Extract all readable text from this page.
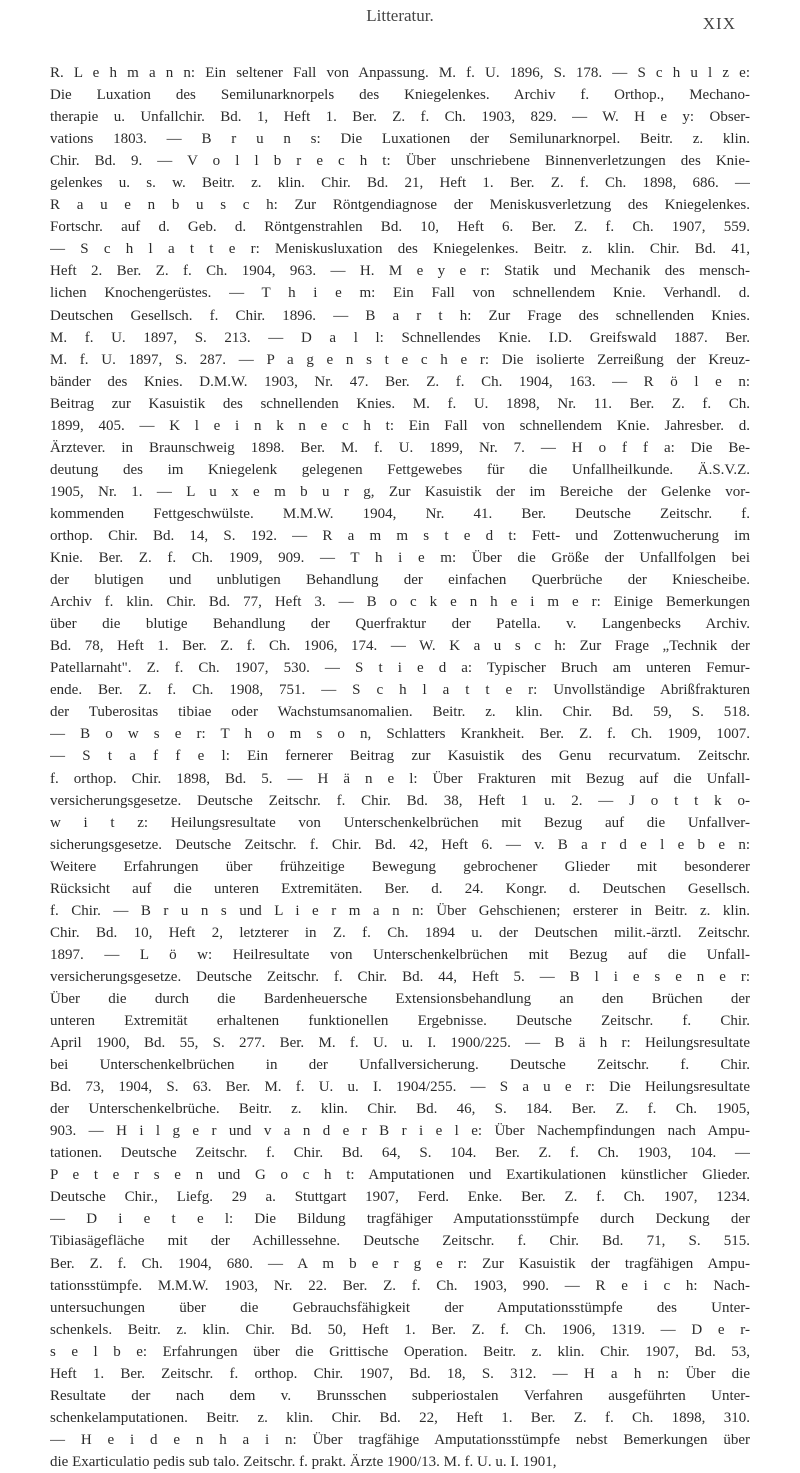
Litteratur.	XIX
R. L e h m a n n: Ein seltener Fall von Anpassung. M. f. U. 1896, S. 178. — S c h u l z e:
Die Luxation des Semilunarknorpels des Kniegelenkes. Archiv f. Orthop., Mechano-
therapie u. Unfallchir. Bd. 1, Heft 1. Ber. Z. f. Ch. 1903, 829. — W. H e y: Obser-
vations 1803. — B r u n s: Die Luxationen der Semilunarknorpel. Beitr. z. klin.
Chir. Bd. 9. — V o l l b r e c h t: Über unschriebene Binnenverletzungen des Knie-
gelenkes u. s. w. Beitr. z. klin. Chir. Bd. 21, Heft 1. Ber. Z. f. Ch. 1898, 686. —
R a u e n b u s c h: Zur Röntgendiagnose der Meniskusverletzung des Kniegelenkes.
Fortschr. auf d. Geb. d. Röntgenstrahlen Bd. 10, Heft 6. Ber. Z. f. Ch. 1907, 559.
— S c h l a t t e r: Meniskusluxation des Kniegelenkes. Beitr. z. klin. Chir. Bd. 41,
Heft 2. Ber. Z. f. Ch. 1904, 963. — H. M e y e r: Statik und Mechanik des mensch-
lichen Knochengerüstes. — T h i e m: Ein Fall von schnellendem Knie. Verhandl. d.
Deutschen Gesellsch. f. Chir. 1896. — B a r t h: Zur Frage des schnellenden Knies.
M. f. U. 1897, S. 213. — D a l l: Schnellendes Knie. I.D. Greifswald 1887. Ber.
M. f. U. 1897, S. 287. — P a g e n s t e c h e r: Die isolierte Zerreißung der Kreuz-
bänder des Knies. D.M.W. 1903, Nr. 47. Ber. Z. f. Ch. 1904, 163. — R ö l e n:
Beitrag zur Kasuistik des schnellenden Knies. M. f. U. 1898, Nr. 11. Ber. Z. f. Ch.
1899, 405. — K l e i n k n e c h t: Ein Fall von schnellendem Knie. Jahresber. d.
Ärztever. in Braunschweig 1898. Ber. M. f. U. 1899, Nr. 7. — H o f f a: Die Be-
deutung des im Kniegelenk gelegenen Fettgewebes für die Unfallheilkunde. Ä.S.V.Z.
1905, Nr. 1. — L u x e m b u r g, Zur Kasuistik der im Bereiche der Gelenke vor-
kommenden Fettgeschwülste. M.M.W. 1904, Nr. 41. Ber. Deutsche Zeitschr. f.
orthop. Chir. Bd. 14, S. 192. — R a m m s t e d t: Fett- und Zottenwucherung im
Knie. Ber. Z. f. Ch. 1909, 909. — T h i e m: Über die Größe der Unfallfolgen bei
der blutigen und unblutigen Behandlung der einfachen Querbrüche der Kniescheibe.
Archiv f. klin. Chir. Bd. 77, Heft 3. — B o c k e n h e i m e r: Einige Bemerkungen
über die blutige Behandlung der Querfraktur der Patella. v. Langenbecks Archiv.
Bd. 78, Heft 1. Ber. Z. f. Ch. 1906, 174. — W. K a u s c h: Zur Frage „Technik der
Patellarnaht". Z. f. Ch. 1907, 530. — S t i e d a: Typischer Bruch am unteren Femur-
ende. Ber. Z. f. Ch. 1908, 751. — S c h l a t t e r: Unvollständige Abrißfrakturen
der Tuberositas tibiae oder Wachstumsanomalien. Beitr. z. klin. Chir. Bd. 59, S. 518.
— B o w s e r: T h o m s o n, Schlatters Krankheit. Ber. Z. f. Ch. 1909, 1007.
— S t a f f e l: Ein fernerer Beitrag zur Kasuistik des Genu recurvatum. Zeitschr.
f. orthop. Chir. 1898, Bd. 5. — H ä n e l: Über Frakturen mit Bezug auf die Unfall-
versicherungsgesetze. Deutsche Zeitschr. f. Chir. Bd. 38, Heft 1 u. 2. — J o t t k o-
w i t z: Heilungsresultate von Unterschenkelbrüchen mit Bezug auf die Unfallver-
sicherungsgesetze. Deutsche Zeitschr. f. Chir. Bd. 42, Heft 6. — v. B a r d e l e b e n:
Weitere Erfahrungen über frühzeitige Bewegung gebrochener Glieder mit besonderer
Rücksicht auf die unteren Extremitäten. Ber. d. 24. Kongr. d. Deutschen Gesellsch.
f. Chir. — B r u n s und L i e r m a n n: Über Gehschienen; ersterer in Beitr. z. klin.
Chir. Bd. 10, Heft 2, letzterer in Z. f. Ch. 1894 u. der Deutschen milit.-ärztl. Zeitschr.
1897. — L ö w: Heilresultate von Unterschenkelbrüchen mit Bezug auf die Unfall-
versicherungsgesetze. Deutsche Zeitschr. f. Chir. Bd. 44, Heft 5. — B l i e s e n e r:
Über die durch die Bardenheuersche Extensionsbehandlung an den Brüchen der
unteren Extremität erhaltenen funktionellen Ergebnisse. Deutsche Zeitschr. f. Chir.
April 1900, Bd. 55, S. 277. Ber. M. f. U. u. I. 1900/225. — B ä h r: Heilungsresultate
bei Unterschenkelbrüchen in der Unfallversicherung. Deutsche Zeitschr. f. Chir.
Bd. 73, 1904, S. 63. Ber. M. f. U. u. I. 1904/255. — S a u e r: Die Heilungsresultate
der Unterschenkelbrüche. Beitr. z. klin. Chir. Bd. 46, S. 184. Ber. Z. f. Ch. 1905,
903. — H i l g e r und v a n d e r B r i e l e: Über Nachempfindungen nach Ampu-
tationen. Deutsche Zeitschr. f. Chir. Bd. 64, S. 104. Ber. Z. f. Ch. 1903, 104. —
P e t e r s e n und G o c h t: Amputationen und Exartikulationen künstlicher Glieder.
Deutsche Chir., Liefg. 29 a. Stuttgart 1907, Ferd. Enke. Ber. Z. f. Ch. 1907, 1234.
— D i e t e l: Die Bildung tragfähiger Amputationsstümpfe durch Deckung der
Tibiasägefläche mit der Achillessehne. Deutsche Zeitschr. f. Chir. Bd. 71, S. 515.
Ber. Z. f. Ch. 1904, 680. — A m b e r g e r: Zur Kasuistik der tragfähigen Ampu-
tationsstümpfe. M.M.W. 1903, Nr. 22. Ber. Z. f. Ch. 1903, 990. — R e i c h: Nach-
untersuchungen über die Gebrauchsfähigkeit der Amputationsstümpfe des Unter-
schenkels. Beitr. z. klin. Chir. Bd. 50, Heft 1. Ber. Z. f. Ch. 1906, 1319. — D e r-
s e l b e: Erfahrungen über die Grittische Operation. Beitr. z. klin. Chir. 1907, Bd. 53,
Heft 1. Ber. Zeitschr. f. orthop. Chir. 1907, Bd. 18, S. 312. — H a h n: Über die
Resultate der nach dem v. Brunsschen subperiostalen Verfahren ausgeführten Unter-
schenkelamputationen. Beitr. z. klin. Chir. Bd. 22, Heft 1. Ber. Z. f. Ch. 1898, 310.
— H e i d e n h a i n: Über tragfähige Amputationsstümpfe nebst Bemerkungen über
die Exarticulatio pedis sub talo. Zeitschr. f. prakt. Ärzte 1900/13. M. f. U. u. I. 1901,
